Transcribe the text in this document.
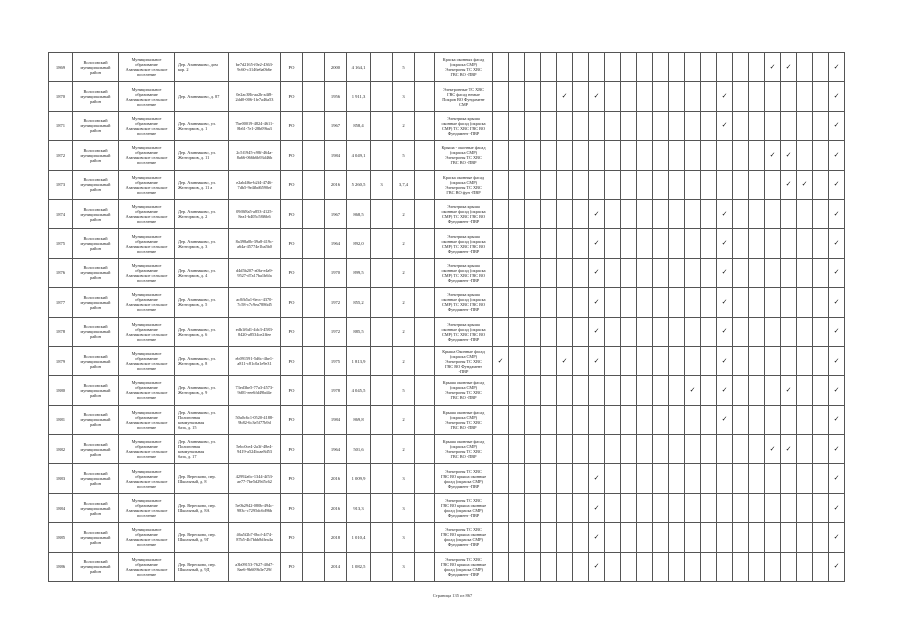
1869	Волосовский
муниципальный
район	Муниципальное
образование
Азанаковское сельское
поселение	Дер. Азаннаково, дом
кор. 2	be7d2165-f0e2-4363-
9c60-c3146e6a0b6e	РО		2000	4 164,1		5		Краска оконных фасад
(окраска СМР)
Электроны ТС ХВС
ГВС ВО -ПВР																		✓	✓			✓
1870	Волосовский
муниципальный
район	Муниципальное
образование
Азанаковское сельское
поселение	Дер. Азаннаково, д. 87	0e2ac38b-aa2b-a4f8-
2dd0-006-1fe7a46a53	РО		1956	1 911,3		3		Электронные ТС ХВС
ГВС фасад немые
Покров ВО Фундамент
СМР					✓		✓								✓							✓
1871	Волосовский
муниципальный
район	Муниципальное
образование
Азанаковское сельское
поселение	Дер. Азаннаково, ул.
Желтормов, д. 1	7be00019-4824-4611-
8b61-7e1-28b09ba3	РО		1967	858,4		2		Электрика крыша
оконные фасад (окраска
СМР) ТС ХВС ГВС ВО
Фундамент -ПВР															✓							✓
1872	Волосовский
муниципальный
район	Муниципальное
образование
Азанаковское сельское
поселение	Дер. Азаннаково, ул.
Желтормов, д. 11	2c5f1945-c98f-464a-
8a66-066b6b93d46b	РО		1984	4 049,1		5		Крыша - оконные фасад
(окраска СМР)
Электроны ТС ХВС
ГВС ВО -ПВР																		✓	✓			✓
1873	Волосовский
муниципальный
район	Муниципальное
образование
Азанаковское сельское
поселение	Дер. Азаннаково, ул.
Желтормов, д. 11 а	e2ab4f6e-b2f4-4746-
7db5-9e4fbd6590ef	РО		2016	5 260,5	3	3,7,4		Краска оконные фасад
(окраска СМР)
Электроны ТС ХВС
ГВС ВО фун -ПВР																			✓	✓		✓
1874	Волосовский
муниципальный
район	Муниципальное
образование
Азанаковское сельское
поселение	Дер. Азаннаково, ул.
Желтормов, д. 2	09f0f8a5-a853-4125-
8ea1-b405c58f6b6	РО		1967	868,5		2		Электрика крыша
оконные фасад (окраска
СМР) ТС ХВС ГВС ВО
Фундамент -ПВР							✓								✓							✓
1875	Волосовский
муниципальный
район	Муниципальное
образование
Азанаковское сельское
поселение	Дер. Азаннаково, ул.
Желтормов, д. 3	8a398a0b-39a8-419c-
a64a-45774e1ba5b0	РО		1964	892,0		2		Электрика крыша
оконные фасад (окраска
СМР) ТС ХВС ГВС ВО
Фундамент -ПВР							✓								✓							✓
1876	Волосовский
муниципальный
район	Муниципальное
образование
Азанаковское сельское
поселение	Дер. Азаннаково, ул.
Желтормов, д. 4	d4d5b207-a0fa-e4a9-
9527-d7a17ba1b6fa	РО		1970	899,5		2		Электрика крыша
оконные фасад (окраска
СМР) ТС ХВС ГВС ВО
Фундамент -ПВР							✓								✓							✓
1877	Волосовский
муниципальный
район	Муниципальное
образование
Азанаковское сельское
поселение	Дер. Азаннаково, ул.
Желтормов, д. 5	ac0fb5a1-6ecc-4370-
7c58-c7c9ea7886d5	РО		1972	855,2		2		Электрика крыша
оконные фасад (окраска
СМР) ТС ХВС ГВС ВО
Фундамент -ПВР							✓								✓							✓
1878	Волосовский
муниципальный
район	Муниципальное
образование
Азанаковское сельское
поселение	Дер. Азаннаково, ул.
Желтормов, д. 6	edb1f6d1-4dc3-4583-
8420-a8534ce2ffee	РО		1972	885,5		2		Электрика крыша
оконные фасад (окраска
СМР) ТС ХВС ГВС ВО
Фундамент -ПВР							✓								✓							✓
1879	Волосовский
муниципальный
район	Муниципальное
образование
Азанаковское сельское
поселение	Дер. Азаннаково, ул.
Желтормов, д. 8	eb091591-5d6c-4be1-
a811-c81c0a1e9e31	РО		1975	1 813,9		2		Крыша Оконные фасад
(окраска СМР)
Электроны ТС ХВС
ГВС ВО Фундамент
-ПВР	✓				✓		✓								✓							✓
1880	Волосовский
муниципальный
район	Муниципальное
образование
Азанаковское сельское
поселение	Дер. Азаннаково, ул.
Желтормов, д. 9	73ed3be5-77a3-4573-
9d01-eee6fd49bd4e	РО		1978	4 045,5		5		Крыша оконные фасад
(окраска СМР)
Электроны ТС ХВС
ГВС ВО -ПВР													✓		✓				✓			✓
1881	Волосовский
муниципальный
район	Муниципальное
образование
Азанаковское сельское
поселение	Дер. Азаннаково, ул.
Полигонная коммунальная
база, д. 15	50a0c6c1-0520-4188-
9b82-6c3e5f77b9d	РО		1984	869,8		2		Крыша оконные фасад
(окраска СМР)
Электроны ТС ХВС
ГВС ВО -ПВР															✓							✓
1882	Волосовский
муниципальный
район	Муниципальное
образование
Азанаковское сельское
поселение	Дер. Азаннаково, ул.
Полигонная коммунальная
база, д. 17	5ebc0ce4-2a3f-48e4-
9419-a524bcae8d53	РО		1964	501,6		2		Крыша оконные фасад
(окраска СМР)
Электроны ТС ХВС
ГВС ВО -ПВР																		✓	✓			✓
1883	Волосовский
муниципальный
район	Муниципальное
образование
Азанаковское сельское
поселение	Дер. Вересково, пер.
Школьный, д. 8	42992a6c-1344-4f53-
ae77-7be5d29d5c62	РО		2016	1 009,9		3		Электроны ТС ХВС
ГВС ВО крыша оконные
фасад (окраска СМР)
Фундамент -ПВР							✓															✓
1884	Волосовский
муниципальный
район	Муниципальное
образование
Азанаковское сельское
поселение	Дер. Вересково, пер.
Школьный, д. 8А	5e0b2942-080b-494c-
983c-c7295dc6d96b	РО		2016	913,3		3		Электроны ТС ХВС
ГВС ВО крыша оконные
фасад (окраска СМР)
Фундамент -ПВР							✓															✓
1885	Волосовский
муниципальный
район	Муниципальное
образование
Азанаковское сельское
поселение	Дер. Вересково, пер.
Школьный, д. 9Г	46a5f2b7-0bcf-4f74-
87b5-4b7bbb8dfea4a	РО		2018	1 010,4		3		Электроны ТС ХВС
ГВС ВО крыша оконные
фасад (окраска СМР)
Фундамент -ПВР							✓															✓
1886	Волосовский
муниципальный
район	Муниципальное
образование
Азанаковское сельское
поселение	Дер. Вересково, пер.
Школьный, д. 9Д	a3b09153-7627-40d7-
8ae6-9b609b3e729f	РО		2014	1 082,5		3		Электроны ТС ХВС
ГВС ВО крыша оконные
фасад (окраска СМР)
Фундамент -ПВР							✓															✓
Страница 135 из 867
